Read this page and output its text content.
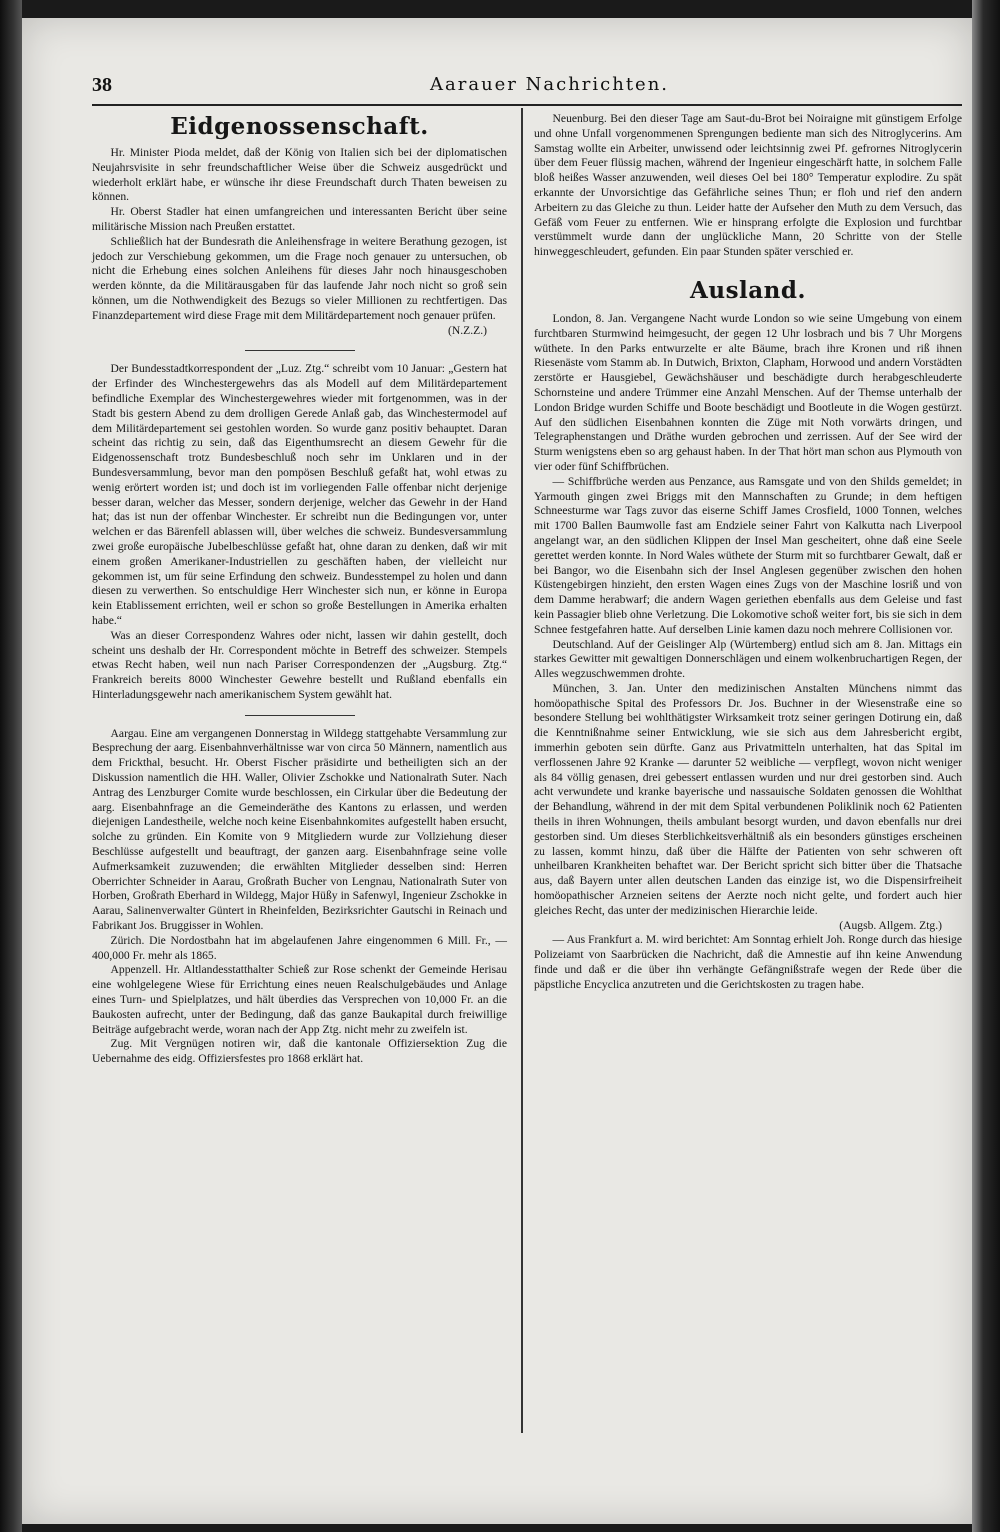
38	Aarauer Nachrichten.
Eidgenossenschaft.

Hr. Minister Pioda meldet, daß der König von Italien sich bei der diplomatischen Neujahrsvisite in sehr freundschaftlicher Weise über die Schweiz ausgedrückt und wiederholt erklärt habe, er wünsche ihr diese Freundschaft durch Thaten beweisen zu können.

Hr. Oberst Stadler hat einen umfangreichen und interessanten Bericht über seine militärische Mission nach Preußen erstattet.

Schließlich hat der Bundesrath die Anleihensfrage in weitere Berathung gezogen, ist jedoch zur Verschiebung gekommen, um die Frage noch genauer zu untersuchen, ob nicht die Erhebung eines solchen Anleihens für dieses Jahr noch hinausgeschoben werden könnte, da die Militärausgaben für das laufende Jahr noch nicht so groß sein können, um die Nothwendigkeit des Bezugs so vieler Millionen zu rechtfertigen. Das Finanzdepartement wird diese Frage mit dem Militärdepartement noch genauer prüfen.

(N.Z.Z.)

Der Bundesstadtkorrespondent der „Luz. Ztg.“ schreibt vom 10 Januar: „Gestern hat der Erfinder des Winchestergewehrs das als Modell auf dem Militärdepartement befindliche Exemplar des Winchestergewehres wieder mit fortgenommen, was in der Stadt bis gestern Abend zu dem drolligen Gerede Anlaß gab, das Winchestermodel auf dem Militärdepartement sei gestohlen worden. So wurde ganz positiv behauptet. Daran scheint das richtig zu sein, daß das Eigenthumsrecht an diesem Gewehr für die Eidgenossenschaft trotz Bundesbeschluß noch sehr im Unklaren und in der Bundesversammlung, bevor man den pompösen Beschluß gefaßt hat, wohl etwas zu wenig erörtert worden ist; und doch ist im vorliegenden Falle offenbar nicht derjenige besser daran, welcher das Messer, sondern derjenige, welcher das Gewehr in der Hand hat; das ist nun der offenbar Winchester. Er schreibt nun die Bedingungen vor, unter welchen er das Bärenfell ablassen will, über welches die schweiz. Bundesversammlung zwei große europäische Jubelbeschlüsse gefaßt hat, ohne daran zu denken, daß wir mit einem großen Amerikaner-Industriellen zu geschäften haben, der vielleicht nur gekommen ist, um für seine Erfindung den schweiz. Bundesstempel zu holen und dann diesen zu verwerthen. So entschuldige Herr Winchester sich nun, er könne in Europa kein Etablissement errichten, weil er schon so große Bestellungen in Amerika erhalten habe.“

Was an dieser Correspondenz Wahres oder nicht, lassen wir dahin gestellt, doch scheint uns deshalb der Hr. Correspondent möchte in Betreff des schweizer. Stempels etwas Recht haben, weil nun nach Pariser Correspondenzen der „Augsburg. Ztg.“ Frankreich bereits 8000 Winchester Gewehre bestellt und Rußland ebenfalls ein Hinterladungsgewehr nach amerikanischem System gewählt hat.

Aargau. Eine am vergangenen Donnerstag in Wildegg stattgehabte Versammlung zur Besprechung der aarg. Eisenbahnverhältnisse war von circa 50 Männern, namentlich aus dem Frickthal, besucht. Hr. Oberst Fischer präsidirte und betheiligten sich an der Diskussion namentlich die HH. Waller, Olivier Zschokke und Nationalrath Suter. Nach Antrag des Lenzburger Comite wurde beschlossen, ein Cirkular über die Bedeutung der aarg. Eisenbahnfrage an die Gemeinderäthe des Kantons zu erlassen, und werden diejenigen Landestheile, welche noch keine Eisenbahnkomites aufgestellt haben ersucht, solche zu gründen. Ein Komite von 9 Mitgliedern wurde zur Vollziehung dieser Beschlüsse aufgestellt und beauftragt, der ganzen aarg. Eisenbahnfrage seine volle Aufmerksamkeit zuzuwenden; die erwählten Mitglieder desselben sind: Herren Oberrichter Schneider in Aarau, Großrath Bucher von Lengnau, Nationalrath Suter von Horben, Großrath Eberhard in Wildegg, Major Hüßy in Safenwyl, Ingenieur Zschokke in Aarau, Salinenverwalter Güntert in Rheinfelden, Bezirksrichter Gautschi in Reinach und Fabrikant Jos. Bruggisser in Wohlen.

Zürich. Die Nordostbahn hat im abgelaufenen Jahre eingenommen 6 Mill. Fr., — 400,000 Fr. mehr als 1865.

Appenzell. Hr. Altlandesstatthalter Schieß zur Rose schenkt der Gemeinde Herisau eine wohlgelegene Wiese für Errichtung eines neuen Realschulgebäudes und Anlage eines Turn- und Spielplatzes, und hält überdies das Versprechen von 10,000 Fr. an die Baukosten aufrecht, unter der Bedingung, daß das ganze Baukapital durch freiwillige Beiträge aufgebracht werde, woran nach der App Ztg. nicht mehr zu zweifeln ist.

Zug. Mit Vergnügen notiren wir, daß die kantonale Offiziersektion Zug die Uebernahme des eidg. Offiziersfestes pro 1868 erklärt hat.

Neuenburg. Bei den dieser Tage am Saut-du-Brot bei Noiraigne mit günstigem Erfolge und ohne Unfall vorgenommenen Sprengungen bediente man sich des Nitroglycerins. Am Samstag wollte ein Arbeiter, unwissend oder leichtsinnig zwei Pf. gefrornes Nitroglycerin über dem Feuer flüssig machen, während der Ingenieur eingeschärft hatte, in solchem Falle bloß heißes Wasser anzuwenden, weil dieses Oel bei 180° Temperatur explodire. Zu spät erkannte der Unvorsichtige das Gefährliche seines Thun; er floh und rief den andern Arbeitern zu das Gleiche zu thun. Leider hatte der Aufseher den Muth zu dem Versuch, das Gefäß vom Feuer zu entfernen. Wie er hinsprang erfolgte die Explosion und furchtbar verstümmelt wurde dann der unglückliche Mann, 20 Schritte von der Stelle hinweggeschleudert, gefunden. Ein paar Stunden später verschied er.

Ausland.

London, 8. Jan. Vergangene Nacht wurde London so wie seine Umgebung von einem furchtbaren Sturmwind heimgesucht, der gegen 12 Uhr losbrach und bis 7 Uhr Morgens wüthete. In den Parks entwurzelte er alte Bäume, brach ihre Kronen und riß ihnen Riesenäste vom Stamm ab. In Dutwich, Brixton, Clapham, Horwood und andern Vorstädten zerstörte er Hausgiebel, Gewächshäuser und beschädigte durch herabgeschleuderte Schornsteine und andere Trümmer eine Anzahl Menschen. Auf der Themse unterhalb der London Bridge wurden Schiffe und Boote beschädigt und Bootleute in die Wogen gestürzt. Auf den südlichen Eisenbahnen konnten die Züge mit Noth vorwärts dringen, und Telegraphenstangen und Dräthe wurden gebrochen und zerrissen. Auf der See wird der Sturm wenigstens eben so arg gehaust haben. In der That hört man schon aus Plymouth von vier oder fünf Schiffbrüchen.

— Schiffbrüche werden aus Penzance, aus Ramsgate und von den Shilds gemeldet; in Yarmouth gingen zwei Briggs mit den Mannschaften zu Grunde; in dem heftigen Schneesturme war Tags zuvor das eiserne Schiff James Crosfield, 1000 Tonnen, welches mit 1700 Ballen Baumwolle fast am Endziele seiner Fahrt von Kalkutta nach Liverpool angelangt war, an den südlichen Klippen der Insel Man gescheitert, ohne daß eine Seele gerettet werden konnte. In Nord Wales wüthete der Sturm mit so furchtbarer Gewalt, daß er bei Bangor, wo die Eisenbahn sich der Insel Anglesen gegenüber zwischen den hohen Küstengebirgen hinzieht, den ersten Wagen eines Zugs von der Maschine losriß und von dem Damme herabwarf; die andern Wagen geriethen ebenfalls aus dem Geleise und fast kein Passagier blieb ohne Verletzung. Die Lokomotive schoß weiter fort, bis sie sich in dem Schnee festgefahren hatte. Auf derselben Linie kamen dazu noch mehrere Collisionen vor.

Deutschland. Auf der Geislinger Alp (Würtemberg) entlud sich am 8. Jan. Mittags ein starkes Gewitter mit gewaltigen Donnerschlägen und einem wolkenbruchartigen Regen, der Alles wegzuschwemmen drohte.

München, 3. Jan. Unter den medizinischen Anstalten Münchens nimmt das homöopathische Spital des Professors Dr. Jos. Buchner in der Wiesenstraße eine so besondere Stellung bei wohlthätigster Wirksamkeit trotz seiner geringen Dotirung ein, daß die Kenntnißnahme seiner Entwicklung, wie sie sich aus dem Jahresbericht ergibt, immerhin geboten sein dürfte. Ganz aus Privatmitteln unterhalten, hat das Spital im verflossenen Jahre 92 Kranke — darunter 52 weibliche — verpflegt, wovon nicht weniger als 84 völlig genasen, drei gebessert entlassen wurden und nur drei gestorben sind. Auch acht verwundete und kranke bayerische und nassauische Soldaten genossen die Wohlthat der Behandlung, während in der mit dem Spital verbundenen Poliklinik noch 62 Patienten theils in ihren Wohnungen, theils ambulant besorgt wurden, und davon ebenfalls nur drei gestorben sind. Um dieses Sterblichkeitsverhältniß als ein besonders günstiges erscheinen zu lassen, kommt hinzu, daß über die Hälfte der Patienten von sehr schweren oft unheilbaren Krankheiten behaftet war. Der Bericht spricht sich bitter über die Thatsache aus, daß Bayern unter allen deutschen Landen das einzige ist, wo die Dispensirfreiheit homöopathischer Arzneien seitens der Aerzte noch nicht gelte, und fordert auch hier gleiches Recht, das unter der medizinischen Hierarchie leide.

(Augsb. Allgem. Ztg.)

— Aus Frankfurt a. M. wird berichtet: Am Sonntag erhielt Joh. Ronge durch das hiesige Polizeiamt von Saarbrücken die Nachricht, daß die Amnestie auf ihn keine Anwendung finde und daß er die über ihn verhängte Gefängnißstrafe wegen der Rede über die päpstliche Encyclica anzutreten und die Gerichtskosten zu tragen habe.
